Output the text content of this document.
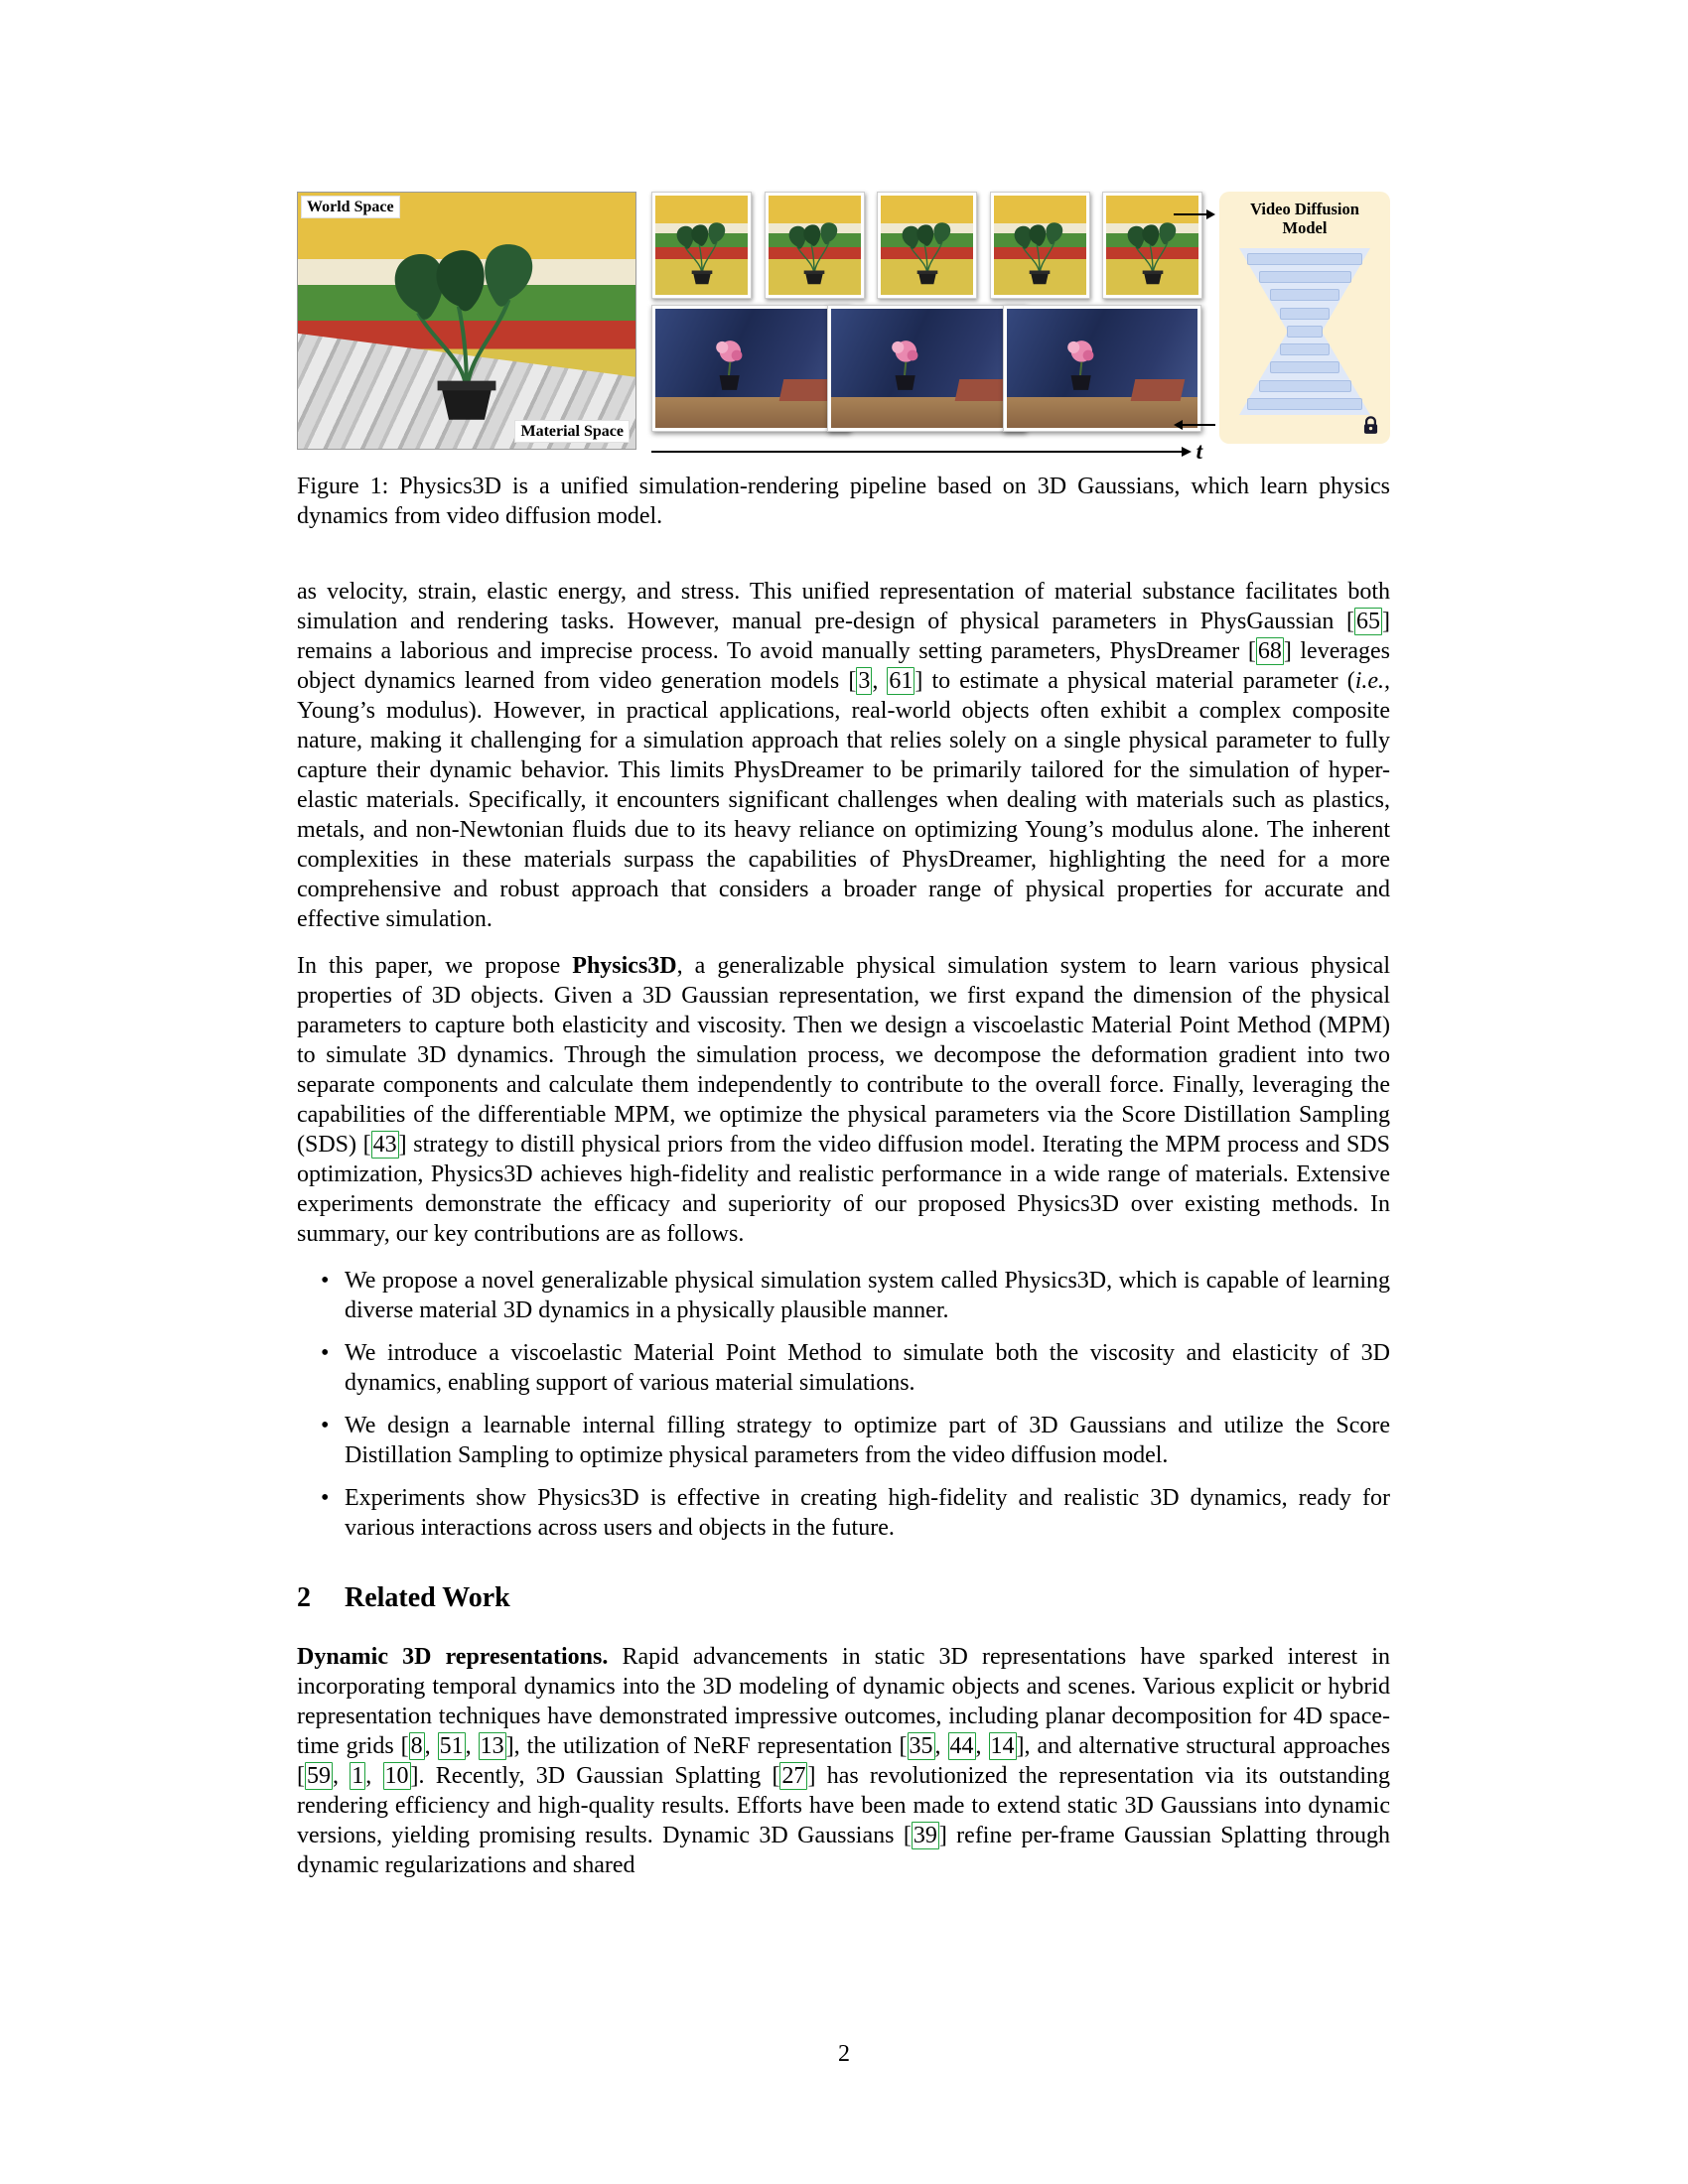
World Space
Material Space
t
Video Diffusion Model

Figure 1: Physics3D is a unified simulation-rendering pipeline based on 3D Gaussians, which learn physics dynamics from video diffusion model.

as velocity, strain, elastic energy, and stress. This unified representation of material substance facilitates both simulation and rendering tasks. However, manual pre-design of physical parameters in PhysGaussian [65] remains a laborious and imprecise process. To avoid manually setting parameters, PhysDreamer [68] leverages object dynamics learned from video generation models [3, 61] to estimate a physical material parameter (i.e., Young’s modulus). However, in practical applications, real-world objects often exhibit a complex composite nature, making it challenging for a simulation approach that relies solely on a single physical parameter to fully capture their dynamic behavior. This limits PhysDreamer to be primarily tailored for the simulation of hyper-elastic materials. Specifically, it encounters significant challenges when dealing with materials such as plastics, metals, and non-Newtonian fluids due to its heavy reliance on optimizing Young’s modulus alone. The inherent complexities in these materials surpass the capabilities of PhysDreamer, highlighting the need for a more comprehensive and robust approach that considers a broader range of physical properties for accurate and effective simulation.

In this paper, we propose Physics3D, a generalizable physical simulation system to learn various physical properties of 3D objects. Given a 3D Gaussian representation, we first expand the dimension of the physical parameters to capture both elasticity and viscosity. Then we design a viscoelastic Material Point Method (MPM) to simulate 3D dynamics. Through the simulation process, we decompose the deformation gradient into two separate components and calculate them independently to contribute to the overall force. Finally, leveraging the capabilities of the differentiable MPM, we optimize the physical parameters via the Score Distillation Sampling (SDS) [43] strategy to distill physical priors from the video diffusion model. Iterating the MPM process and SDS optimization, Physics3D achieves high-fidelity and realistic performance in a wide range of materials. Extensive experiments demonstrate the efficacy and superiority of our proposed Physics3D over existing methods. In summary, our key contributions are as follows.

• We propose a novel generalizable physical simulation system called Physics3D, which is capable of learning diverse material 3D dynamics in a physically plausible manner.
• We introduce a viscoelastic Material Point Method to simulate both the viscosity and elasticity of 3D dynamics, enabling support of various material simulations.
• We design a learnable internal filling strategy to optimize part of 3D Gaussians and utilize the Score Distillation Sampling to optimize physical parameters from the video diffusion model.
• Experiments show Physics3D is effective in creating high-fidelity and realistic 3D dynamics, ready for various interactions across users and objects in the future.
2 Related Work

Dynamic 3D representations. Rapid advancements in static 3D representations have sparked interest in incorporating temporal dynamics into the 3D modeling of dynamic objects and scenes. Various explicit or hybrid representation techniques have demonstrated impressive outcomes, including planar decomposition for 4D space-time grids [8, 51, 13], the utilization of NeRF representation [35, 44, 14], and alternative structural approaches [59, 1, 10]. Recently, 3D Gaussian Splatting [27] has revolutionized the representation via its outstanding rendering efficiency and high-quality results. Efforts have been made to extend static 3D Gaussians into dynamic versions, yielding promising results. Dynamic 3D Gaussians [39] refine per-frame Gaussian Splatting through dynamic regularizations and shared

2
